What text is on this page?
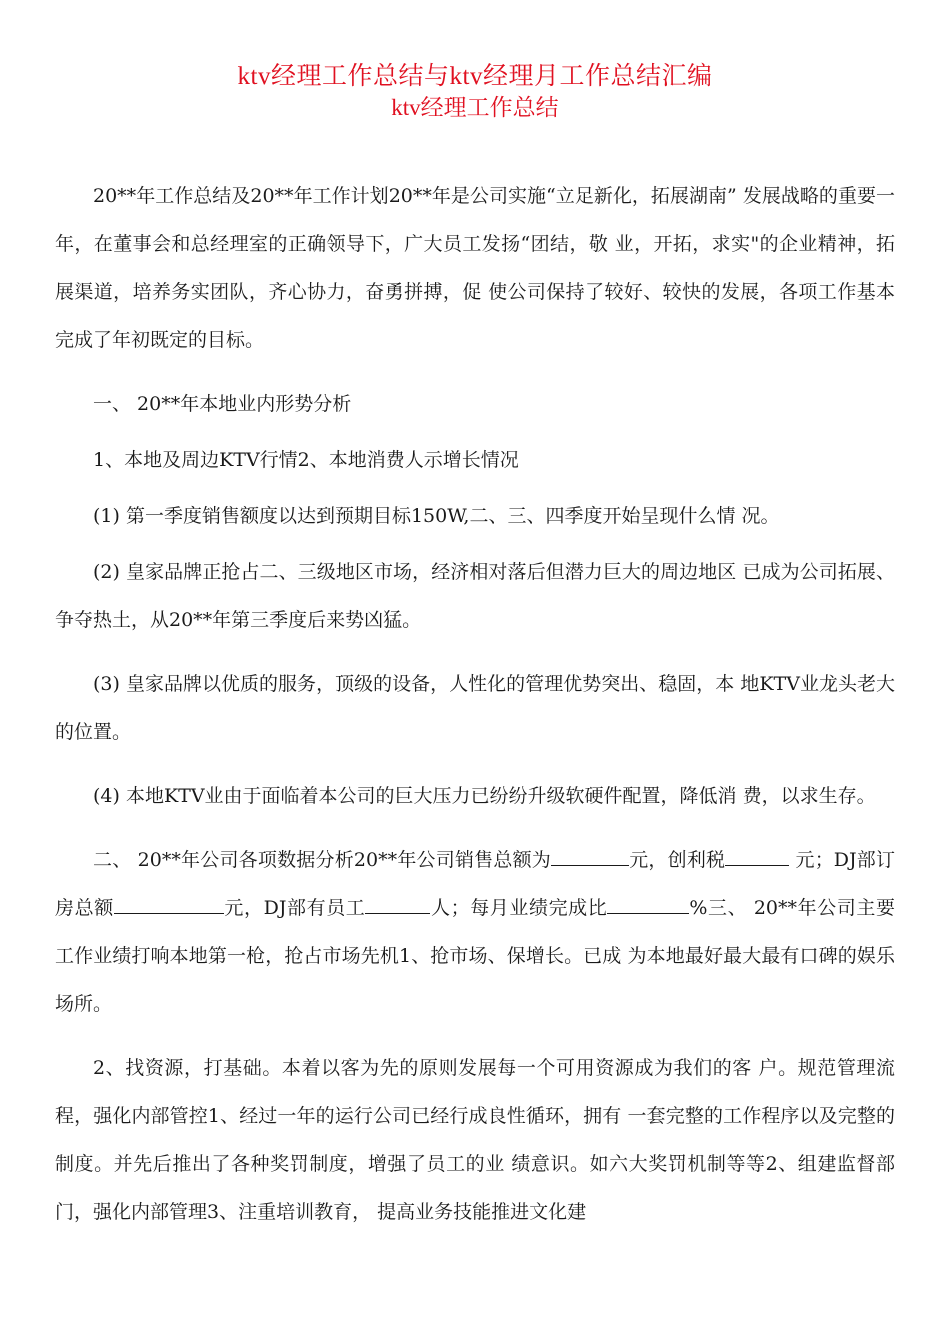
ktv经理工作总结与ktv经理月工作总结汇编
ktv经理工作总结

20**年工作总结及20**年工作计划20**年是公司实施“立足新化，拓展湖南” 发展战略的重要一年，在董事会和总经理室的正确领导下，广大员工发扬“团结，敬 业，开拓，求实"的企业精神，拓展渠道，培养务实团队，齐心协力，奋勇拼搏，促 使公司保持了较好、较快的发展，各项工作基本完成了年初既定的目标。

一、 20**年本地业内形势分析

1、本地及周边KTV行情2、本地消费人示增长情况

(1) 第一季度销售额度以达到预期目标150W,二、三、四季度开始呈现什么情 况。

(2) 皇家品牌正抢占二、三级地区市场，经济相对落后但潜力巨大的周边地区 已成为公司拓展、争夺热土，从20**年第三季度后来势凶猛。

(3) 皇家品牌以优质的服务，顶级的设备，人性化的管理优势突出、稳固，本 地KTV业龙头老大的位置。

(4) 本地KTV业由于面临着本公司的巨大压力已纷纷升级软硬件配置，降低消 费，以求生存。

二、 20**年公司各项数据分析20**年公司销售总额为	元，创利税	元；DJ部订房总额	元，DJ部有员工	人；每月业绩完成比	%三、 20**年公司主要工作业绩打响本地第一枪，抢占市场先机1、抢市场、保增长。已成 为本地最好最大最有口碑的娱乐场所。

2、找资源，打基础。本着以客为先的原则发展每一个可用资源成为我们的客 户。规范管理流程，强化内部管控1、经过一年的运行公司已经行成良性循环，拥有 一套完整的工作程序以及完整的制度。并先后推出了各种奖罚制度，增强了员工的业 绩意识。如六大奖罚机制等等2、组建监督部门，强化内部管理3、注重培训教育， 提高业务技能推进文化建
